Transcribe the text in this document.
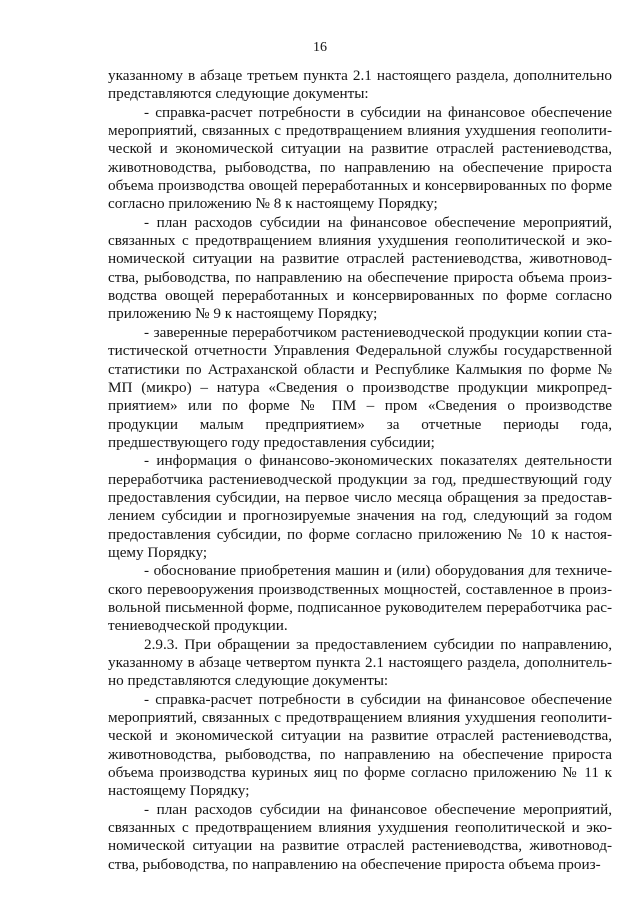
16

указанному в абзаце третьем пункта 2.1 настоящего раздела, дополнительно представляются следующие документы:

- справка-расчет потребности в субсидии на финансовое обеспечение мероприятий, связанных с предотвращением влияния ухудшения геополитической и экономической ситуации на развитие отраслей растениеводства, животноводства, рыбоводства, по направлению на обеспечение прироста объема производства овощей переработанных и консервированных по форме согласно приложению № 8 к настоящему Порядку;

- план расходов субсидии на финансовое обеспечение мероприятий, связанных с предотвращением влияния ухудшения геополитической и экономической ситуации на развитие отраслей растениеводства, животноводства, рыбоводства, по направлению на обеспечение прироста объема производства овощей переработанных и консервированных по форме согласно приложению № 9 к настоящему Порядку;

- заверенные переработчиком растениеводческой продукции копии статистической отчетности Управления Федеральной службы государственной статистики по Астраханской области и Республике Калмыкия по форме № МП (микро) – натура «Сведения о производстве продукции микропредприятием» или по форме № ПМ – пром «Сведения о производстве продукции малым предприятием» за отчетные периоды года, предшествующего году предоставления субсидии;

- информация о финансово-экономических показателях деятельности переработчика растениеводческой продукции за год, предшествующий году предоставления субсидии, на первое число месяца обращения за предоставлением субсидии и прогнозируемые значения на год, следующий за годом предоставления субсидии, по форме согласно приложению № 10 к настоящему Порядку;

- обоснование приобретения машин и (или) оборудования для технического перевооружения производственных мощностей, составленное в произвольной письменной форме, подписанное руководителем переработчика растениеводческой продукции.

2.9.3. При обращении за предоставлением субсидии по направлению, указанному в абзаце четвертом пункта 2.1 настоящего раздела, дополнительно представляются следующие документы:

- справка-расчет потребности в субсидии на финансовое обеспечение мероприятий, связанных с предотвращением влияния ухудшения геополитической и экономической ситуации на развитие отраслей растениеводства, животноводства, рыбоводства, по направлению на обеспечение прироста объема производства куриных яиц по форме согласно приложению № 11 к настоящему Порядку;

- план расходов субсидии на финансовое обеспечение мероприятий, связанных с предотвращением влияния ухудшения геополитической и экономической ситуации на развитие отраслей растениеводства, животноводства, рыбоводства, по направлению на обеспечение прироста объема произ-
